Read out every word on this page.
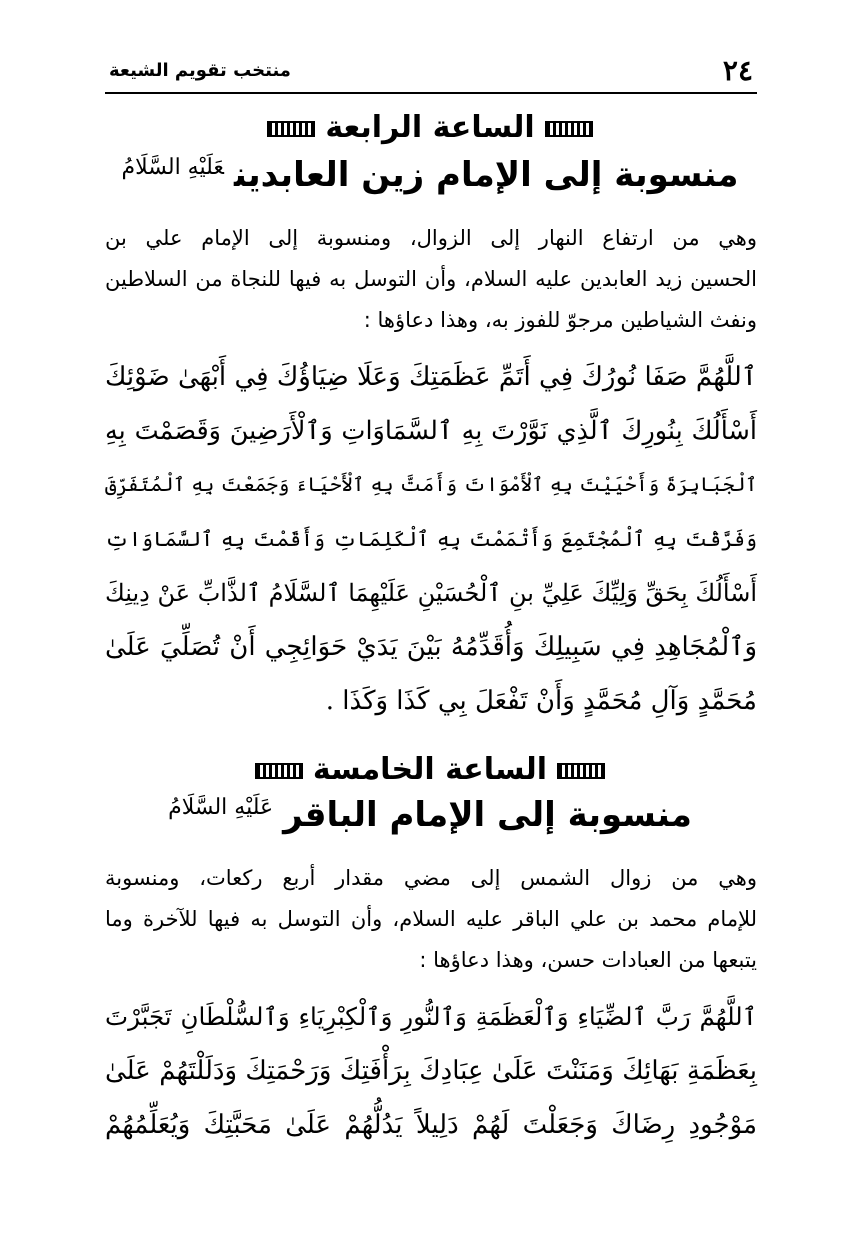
٢٤
منتخب تقويم الشيعة
الساعة الرابعة
منسوبة إلى الإمام زين العابدين$^{عَلَيْهِ السَّلَامُ}$
وهي من ارتفاع النهار إلى الزوال، ومنسوبة إلى الإمام علي بن
الحسين زيد العابدين عليه السلام، وأن التوسل به فيها للنجاة من السلاطين
ونفث الشياطين مرجوّ للفوز به، وهذا دعاؤها :
ٱللَّهُمَّ صَفَا نُورُكَ فِي أَتَمِّ عَظَمَتِكَ وَعَلَا ضِيَاؤُكَ فِي أَبْهَىٰ ضَوْئِكَ
أَسْأَلُكَ بِنُورِكَ ٱلَّذِي نَوَّرْتَ بِهِ ٱلسَّمَاوَاتِ وَٱلْأَرَضِينَ وَقَصَمْتَ بِهِ
ٱلْجَبَابِرَةَ وَأَحْيَيْتَ بِهِ ٱلْأَمْوَاتَ وَأَمَتَّ بِهِ ٱلْأَحْيَاءَ وَجَمَعْتَ بِهِ ٱلْمُتَفَرِّقَ
وَفَرَّقْتَ بِهِ ٱلْمُجْتَمِعَ وَأَتْمَمْتَ بِهِ ٱلْكَلِمَاتِ وَأَقَمْتَ بِهِ ٱلسَّمَاوَاتِ
أَسْأَلُكَ بِحَقِّ وَلِيِّكَ عَلِيِّ بنِ ٱلْحُسَيْنِ عَلَيْهِمَا ٱلسَّلَامُ ٱلذَّابِّ عَنْ دِينِكَ
وَٱلْمُجَاهِدِ فِي سَبِيلِكَ وَأُقَدِّمُهُ بَيْنَ يَدَيْ حَوَائِجِي أَنْ تُصَلِّيَ عَلَىٰ
مُحَمَّدٍ وَآلِ مُحَمَّدٍ وَأَنْ تَفْعَلَ بِي كَذَا وَكَذَا .
الساعة الخامسة
منسوبة إلى الإمام الباقر$^{عَلَيْهِ السَّلَامُ}$
وهي من زوال الشمس إلى مضي مقدار أربع ركعات، ومنسوبة
للإمام محمد بن علي الباقر عليه السلام، وأن التوسل به فيها للآخرة وما
يتبعها من العبادات حسن، وهذا دعاؤها :
ٱللَّهُمَّ رَبَّ ٱلضِّيَاءِ وَٱلْعَظَمَةِ وَٱلنُّورِ وَٱلْكِبْرِيَاءِ وَٱلسُّلْطَانِ تَجَبَّرْتَ
بِعَظَمَةِ بَهَائِكَ وَمَنَنْتَ عَلَىٰ عِبَادِكَ بِرَأْفَتِكَ وَرَحْمَتِكَ وَدَلَلْتَهُمْ عَلَىٰ
مَوْجُودِ رِضَاكَ وَجَعَلْتَ لَهُمْ دَلِيلاً يَدُلُّهُمْ عَلَىٰ مَحَبَّتِكَ وَيُعَلِّمُهُمْ
